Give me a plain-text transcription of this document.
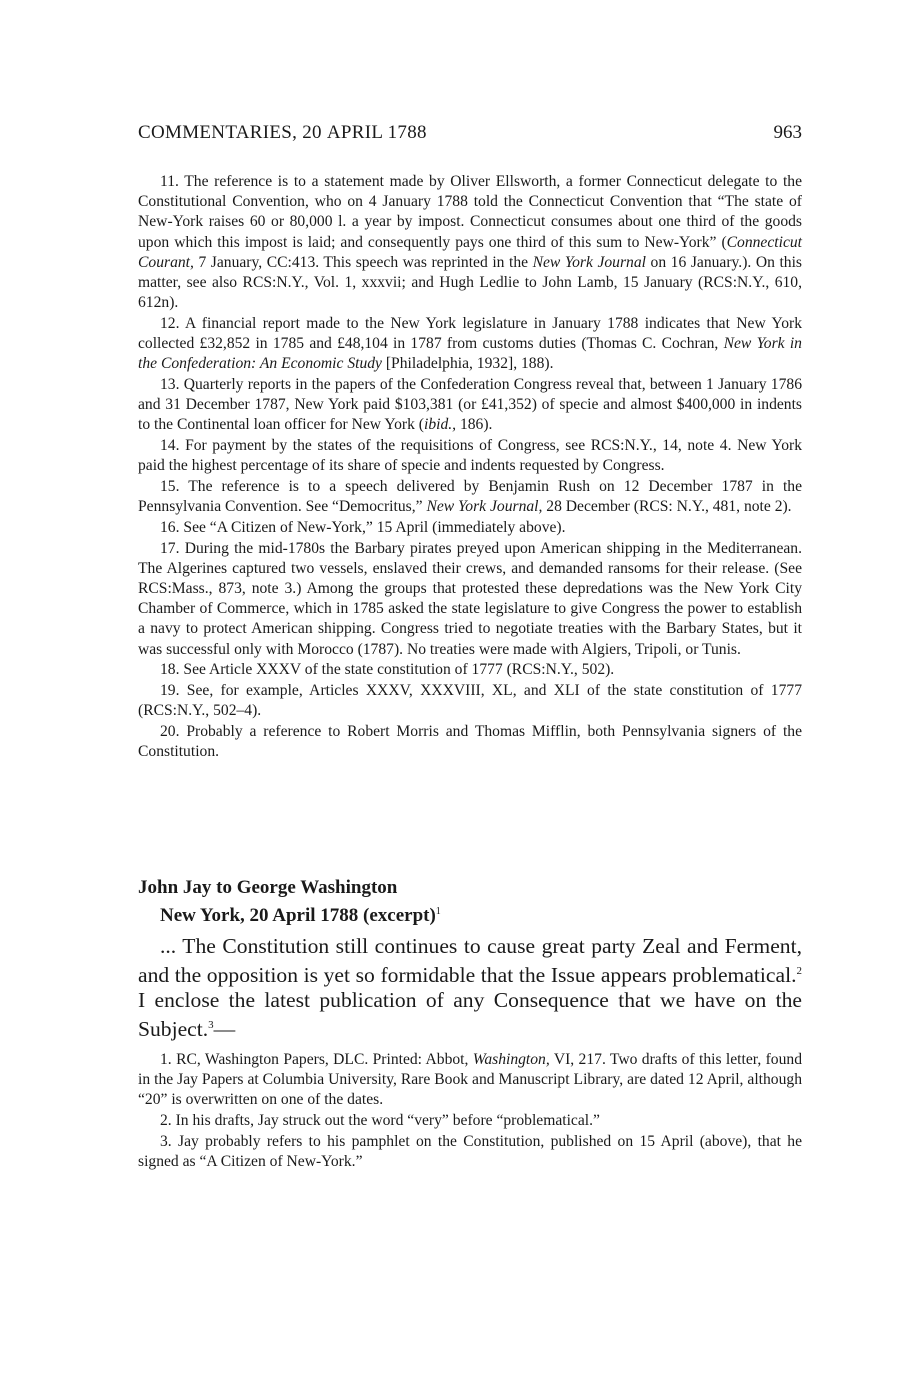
COMMENTARIES, 20 APRIL 1788	963

11. The reference is to a statement made by Oliver Ellsworth, a former Connecticut delegate to the Constitutional Convention, who on 4 January 1788 told the Connecticut Convention that “The state of New-York raises 60 or 80,000 l. a year by impost. Connecticut consumes about one third of the goods upon which this impost is laid; and consequently pays one third of this sum to New-York” (Connecticut Courant, 7 January, CC:413. This speech was reprinted in the New York Journal on 16 January.). On this matter, see also RCS:N.Y., Vol. 1, xxxvii; and Hugh Ledlie to John Lamb, 15 January (RCS:N.Y., 610, 612n).

12. A financial report made to the New York legislature in January 1788 indicates that New York collected £32,852 in 1785 and £48,104 in 1787 from customs duties (Thomas C. Cochran, New York in the Confederation: An Economic Study [Philadelphia, 1932], 188).

13. Quarterly reports in the papers of the Confederation Congress reveal that, between 1 January 1786 and 31 December 1787, New York paid $103,381 (or £41,352) of specie and almost $400,000 in indents to the Continental loan officer for New York (ibid., 186).

14. For payment by the states of the requisitions of Congress, see RCS:N.Y., 14, note 4. New York paid the highest percentage of its share of specie and indents requested by Congress.

15. The reference is to a speech delivered by Benjamin Rush on 12 December 1787 in the Pennsylvania Convention. See “Democritus,” New York Journal, 28 December (RCS: N.Y., 481, note 2).

16. See “A Citizen of New-York,” 15 April (immediately above).

17. During the mid-1780s the Barbary pirates preyed upon American shipping in the Mediterranean. The Algerines captured two vessels, enslaved their crews, and demanded ransoms for their release. (See RCS:Mass., 873, note 3.) Among the groups that protested these depredations was the New York City Chamber of Commerce, which in 1785 asked the state legislature to give Congress the power to establish a navy to protect American shipping. Congress tried to negotiate treaties with the Barbary States, but it was successful only with Morocco (1787). No treaties were made with Algiers, Tripoli, or Tunis.

18. See Article XXXV of the state constitution of 1777 (RCS:N.Y., 502).

19. See, for example, Articles XXXV, XXXVIII, XL, and XLI of the state constitution of 1777 (RCS:N.Y., 502–4).

20. Probably a reference to Robert Morris and Thomas Mifflin, both Pennsylvania signers of the Constitution.

John Jay to George Washington
New York, 20 April 1788 (excerpt)$^1$

... The Constitution still continues to cause great party Zeal and Ferment, and the opposition is yet so formidable that the Issue appears problematical.$^2$ I enclose the latest publication of any Consequence that we have on the Subject.$^3$—

1. RC, Washington Papers, DLC. Printed: Abbot, Washington, VI, 217. Two drafts of this letter, found in the Jay Papers at Columbia University, Rare Book and Manuscript Library, are dated 12 April, although “20” is overwritten on one of the dates.

2. In his drafts, Jay struck out the word “very” before “problematical.”

3. Jay probably refers to his pamphlet on the Constitution, published on 15 April (above), that he signed as “A Citizen of New-York.”
